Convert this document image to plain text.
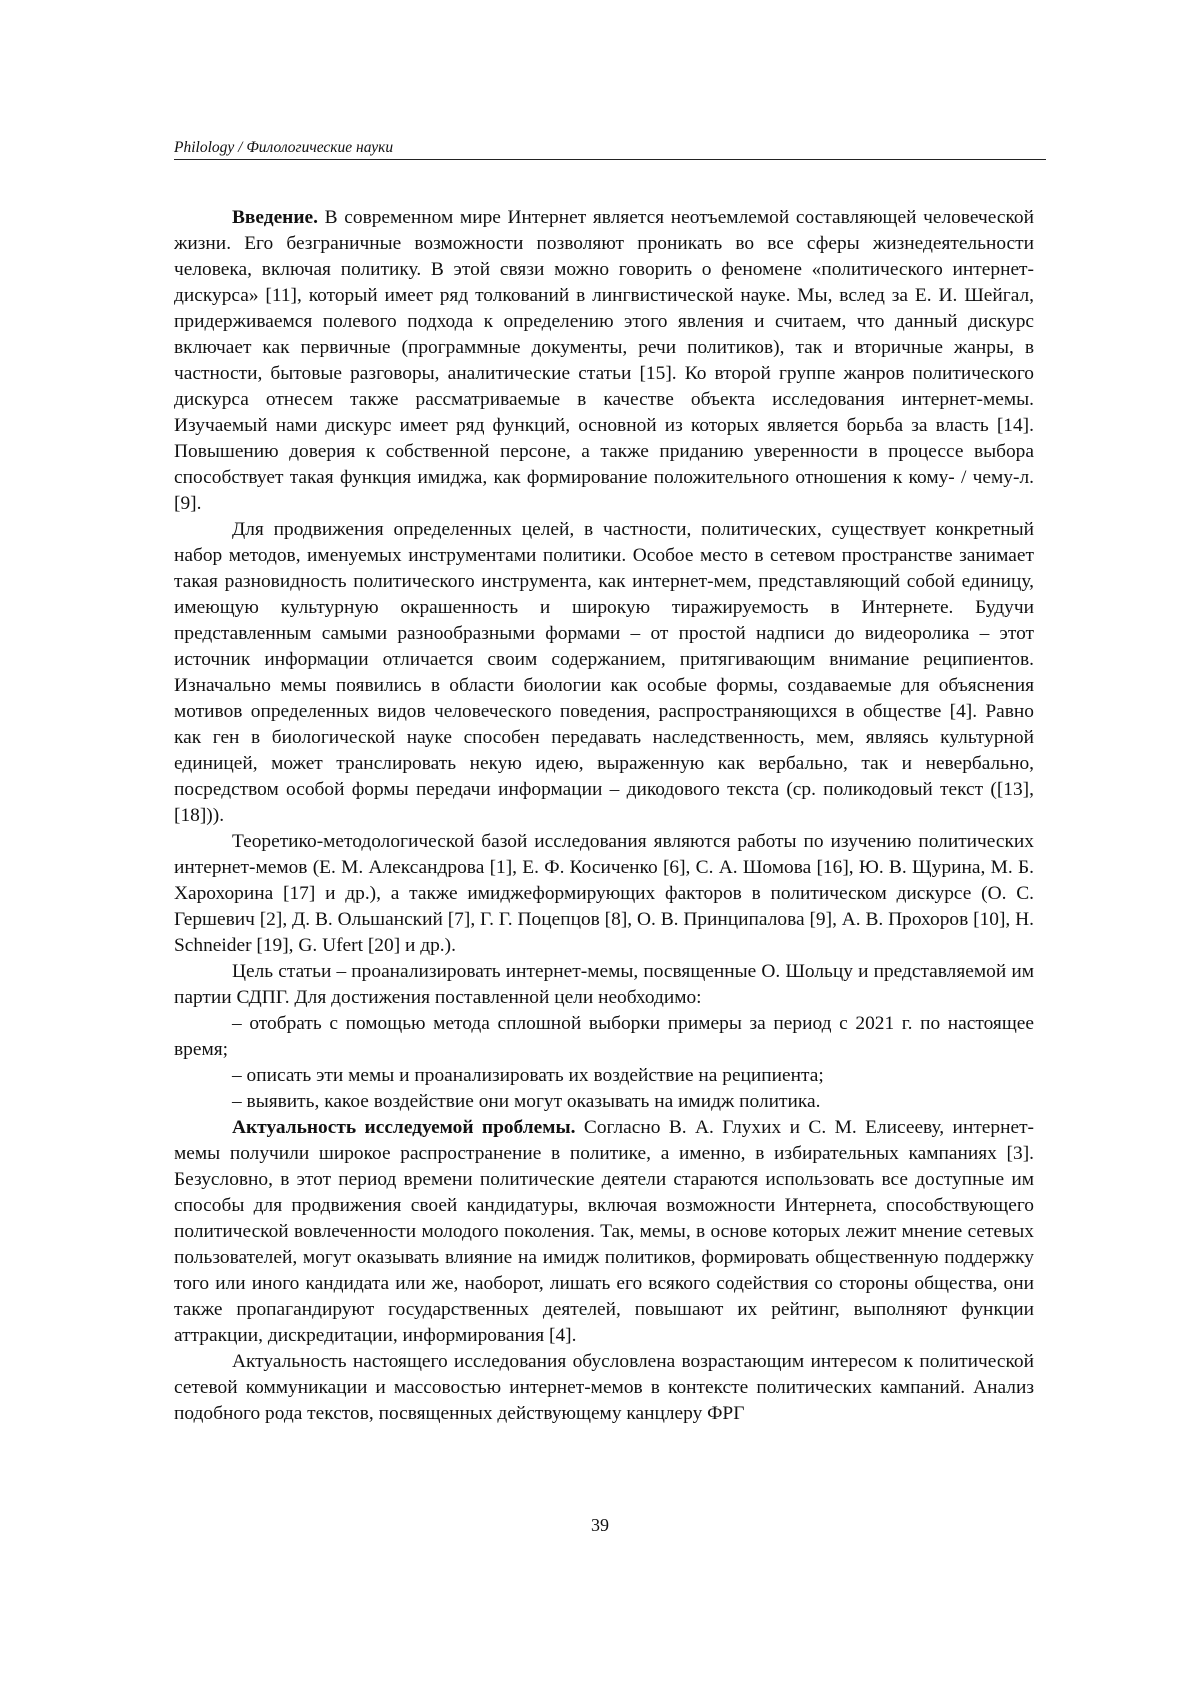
Philology / Филологические науки

Введение. В современном мире Интернет является неотъемлемой составляющей человеческой жизни. Его безграничные возможности позволяют проникать во все сферы жизнедеятельности человека, включая политику. В этой связи можно говорить о феномене «политического интернет-дискурса» [11], который имеет ряд толкований в лингвистической науке. Мы, вслед за Е. И. Шейгал, придерживаемся полевого подхода к определению этого явления и считаем, что данный дискурс включает как первичные (программные документы, речи политиков), так и вторичные жанры, в частности, бытовые разговоры, аналитические статьи [15]. Ко второй группе жанров политического дискурса отнесем также рассматриваемые в качестве объекта исследования интернет-мемы. Изучаемый нами дискурс имеет ряд функций, основной из которых является борьба за власть [14]. Повышению доверия к собственной персоне, а также приданию уверенности в процессе выбора способствует такая функция имиджа, как формирование положительного отношения к кому- / чему-л. [9].

Для продвижения определенных целей, в частности, политических, существует конкретный набор методов, именуемых инструментами политики. Особое место в сетевом пространстве занимает такая разновидность политического инструмента, как интернет-мем, представляющий собой единицу, имеющую культурную окрашенность и широкую тиражируемость в Интернете. Будучи представленным самыми разнообразными формами – от простой надписи до видеоролика – этот источник информации отличается своим содержанием, притягивающим внимание реципиентов. Изначально мемы появились в области биологии как особые формы, создаваемые для объяснения мотивов определенных видов человеческого поведения, распространяющихся в обществе [4]. Равно как ген в биологической науке способен передавать наследственность, мем, являясь культурной единицей, может транслировать некую идею, выраженную как вербально, так и невербально, посредством особой формы передачи информации – дикодового текста (ср. поликодовый текст ([13], [18])).

Теоретико-методологической базой исследования являются работы по изучению политических интернет-мемов (Е. М. Александрова [1], Е. Ф. Косиченко [6], С. А. Шомова [16], Ю. В. Щурина, М. Б. Харохорина [17] и др.), а также имиджеформирующих факторов в политическом дискурсе (О. С. Гершевич [2], Д. В. Ольшанский [7], Г. Г. Поцепцов [8], О. В. Принципалова [9], А. В. Прохоров [10], H. Schneider [19], G. Ufert [20] и др.).

Цель статьи – проанализировать интернет-мемы, посвященные О. Шольцу и представляемой им партии СДПГ. Для достижения поставленной цели необходимо:

– отобрать с помощью метода сплошной выборки примеры за период с 2021 г. по настоящее время;

– описать эти мемы и проанализировать их воздействие на реципиента;

– выявить, какое воздействие они могут оказывать на имидж политика.

Актуальность исследуемой проблемы. Согласно В. А. Глухих и С. М. Елисееву, интернет-мемы получили широкое распространение в политике, а именно, в избирательных кампаниях [3]. Безусловно, в этот период времени политические деятели стараются использовать все доступные им способы для продвижения своей кандидатуры, включая возможности Интернета, способствующего политической вовлеченности молодого поколения. Так, мемы, в основе которых лежит мнение сетевых пользователей, могут оказывать влияние на имидж политиков, формировать общественную поддержку того или иного кандидата или же, наоборот, лишать его всякого содействия со стороны общества, они также пропагандируют государственных деятелей, повышают их рейтинг, выполняют функции аттракции, дискредитации, информирования [4].

Актуальность настоящего исследования обусловлена возрастающим интересом к политической сетевой коммуникации и массовостью интернет-мемов в контексте политических кампаний. Анализ подобного рода текстов, посвященных действующему канцлеру ФРГ

39
